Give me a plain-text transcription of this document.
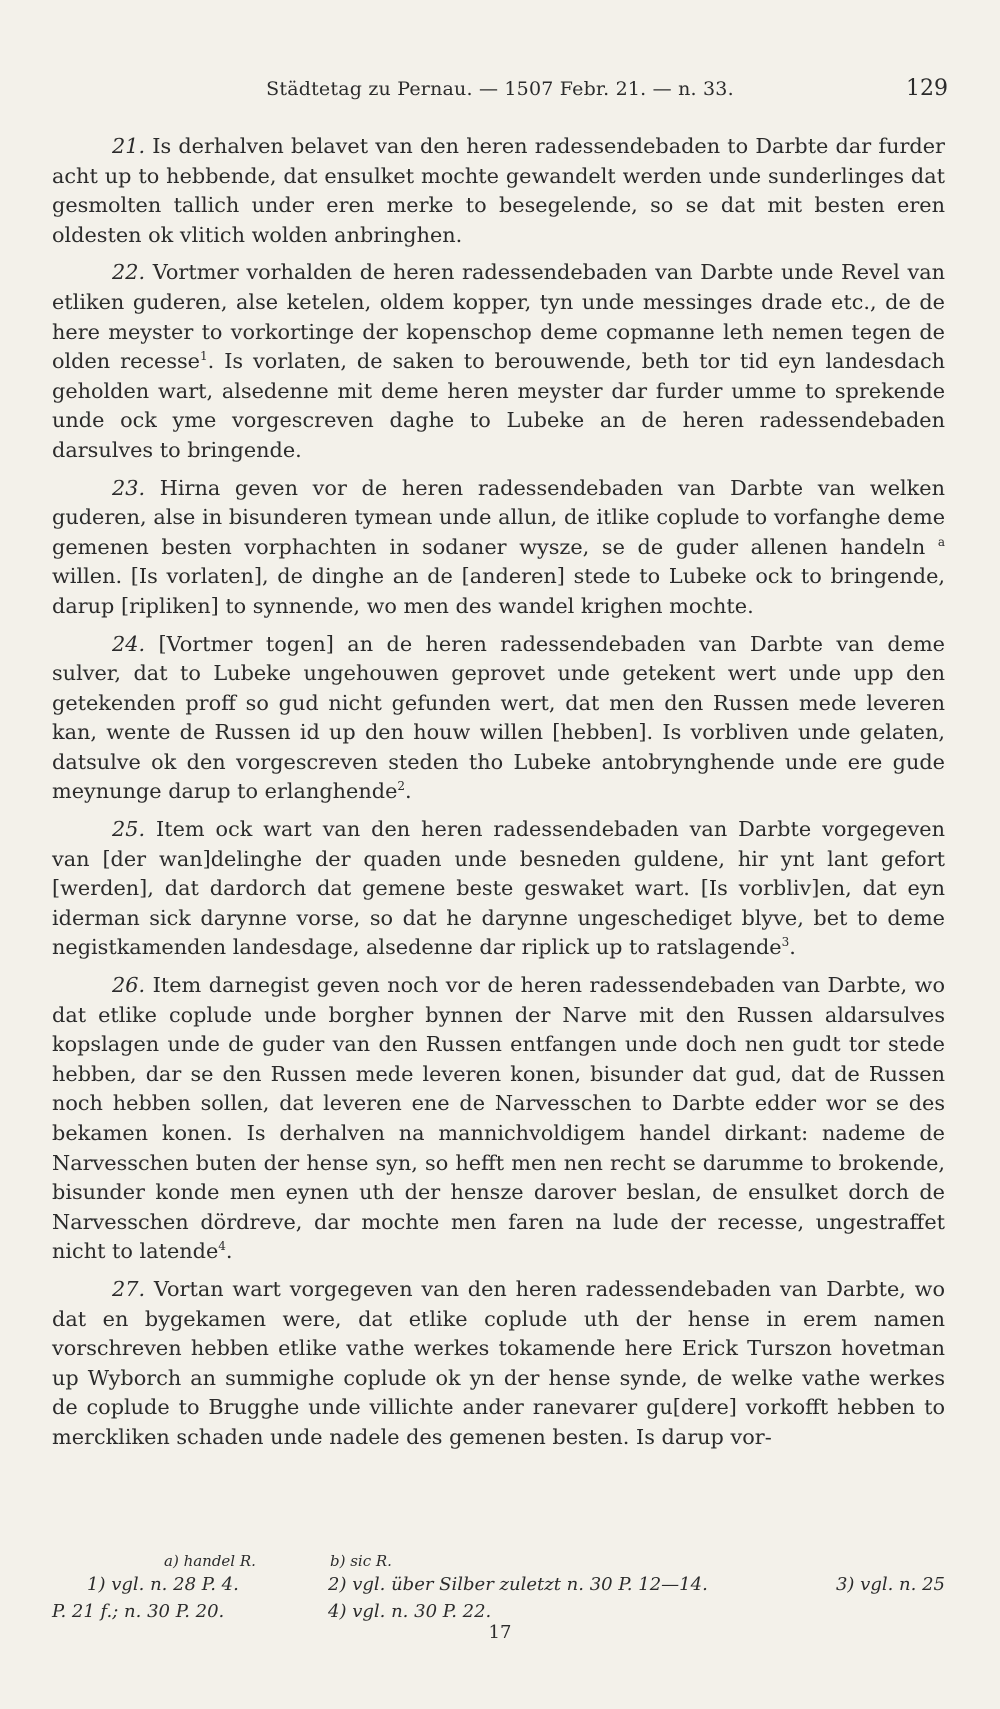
Städtetag zu Pernau. — 1507 Febr. 21. — n. 33.	129

21. Is derhalven belavet van den heren radessendebaden to Darbte dar furder acht up to hebbende, dat ensulket mochte gewandelt werden unde sunderlinges dat gesmolten tallich under eren merke to besegelende, so se dat mit besten eren oldesten ok vlitich wolden anbringhen.

22. Vortmer vorhalden de heren radessendebaden van Darbte unde Revel van etliken guderen, alse ketelen, oldem kopper, tyn unde messinges drade etc., de de here meyster to vorkortinge der kopenschop deme copmanne leth nemen tegen de olden recesse$^1$. Is vorlaten, de saken to berouwende, beth tor tid eyn landesdach geholden wart, alsedenne mit deme heren meyster dar furder umme to sprekende unde ock yme vorgescreven daghe to Lubeke an de heren radessendebaden darsulves to bringende.

23. Hirna geven vor de heren radessendebaden van Darbte van welken guderen, alse in bisunderen tymean unde allun, de itlike coplude to vorfanghe deme gemenen besten vorphachten in sodaner wysze, se de guder allenen handeln $^a$ willen. [Is vorlaten], de dinghe an de [anderen] stede to Lubeke ock to bringende, darup [ripliken] to synnende, wo men des wandel krighen mochte.

24. [Vortmer togen] an de heren radessendebaden van Darbte van deme sulver, dat to Lubeke ungehouwen geprovet unde getekent wert unde upp den getekenden proff so gud nicht gefunden wert, dat men den Russen mede leveren kan, wente de Russen id up den houw willen [hebben]. Is vorbliven unde gelaten, datsulve ok den vorgescreven steden tho Lubeke antobrynghende unde ere gude meynunge darup to erlanghende$^2$.

25. Item ock wart van den heren radessendebaden van Darbte vorgegeven van [der wan]delinghe der quaden unde besneden guldene, hir ynt lant gefort [werden], dat dardorch dat gemene beste geswaket wart. [Is vorbliv]en, dat eyn iderman sick darynne vorse, so dat he darynne ungeschediget blyve, bet to deme negistkamenden landesdage, alsedenne dar riplick up to ratslagende$^3$.

26. Item darnegist geven noch vor de heren radessendebaden van Darbte, wo dat etlike coplude unde borgher bynnen der Narve mit den Russen aldarsulves kopslagen unde de guder van den Russen entfangen unde doch nen gudt tor stede hebben, dar se den Russen mede leveren konen, bisunder dat gud, dat de Russen noch hebben sollen, dat leveren ene de Narvesschen to Darbte edder wor se des bekamen konen. Is derhalven na mannichvoldigem handel dirkant: nademe de Narvesschen buten der hense syn, so hefft men nen recht se darumme to brokende, bisunder konde men eynen uth der hensze darover beslan, de ensulket dorch de Narvesschen dördreve, dar mochte men faren na lude der recesse, ungestraffet nicht to latende$^4$.

27. Vortan wart vorgegeven van den heren radessendebaden van Darbte, wo dat en bygekamen were, dat etlike coplude uth der hense in erem namen vorschreven hebben etlike vathe werkes tokamende here Erick Turszon hovetman up Wyborch an summighe coplude ok yn der hense synde, de welke vathe werkes de coplude to Brugghe unde villichte ander ranevarer gu[dere] vorkofft hebben to merckliken schaden unde nadele des gemenen besten. Is darup vor-

a) handel R.	b) sic R.
1) vgl. n. 28 P. 4.	2) vgl. über Silber zuletzt n. 30 P. 12—14.	3) vgl. n. 25
P. 21 f.; n. 30 P. 20.	4) vgl. n. 30 P. 22.
17
